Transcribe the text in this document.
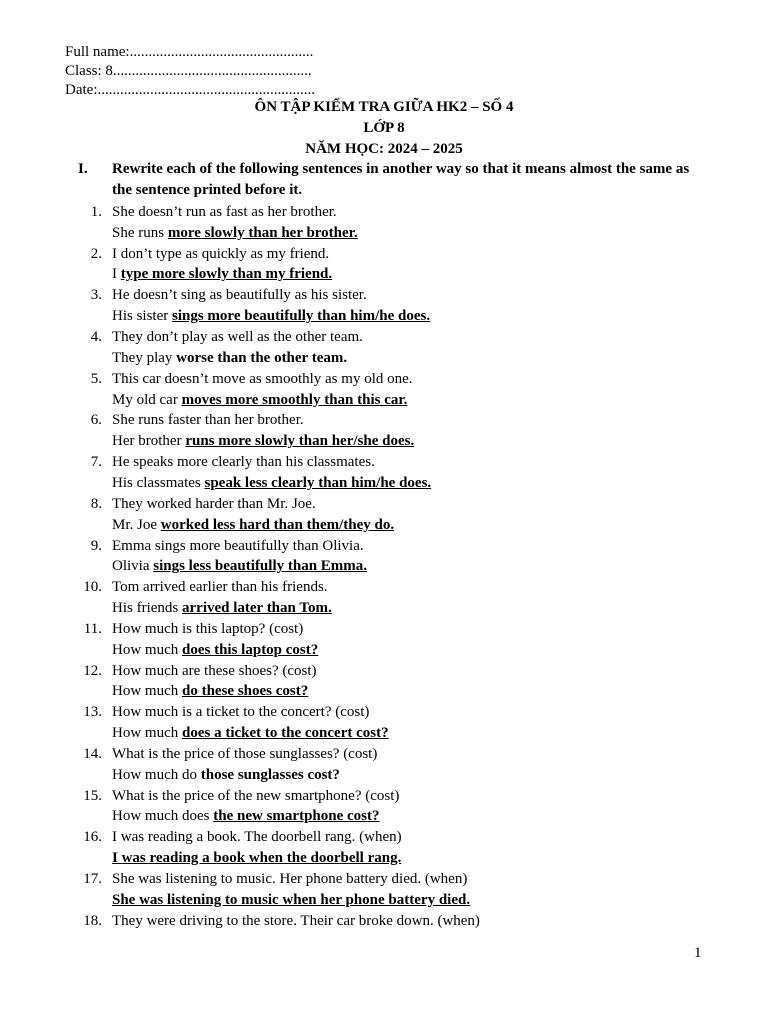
Full name:.................................................
Class: 8.....................................................
Date:..........................................................
ÔN TẬP KIỂM TRA GIỮA HK2 – SỐ 4
LỚP 8
NĂM HỌC: 2024 – 2025
I. Rewrite each of the following sentences in another way so that it means almost the same as the sentence printed before it.
1. She doesn’t run as fast as her brother.
She runs more slowly than her brother.
2. I don’t type as quickly as my friend.
I type more slowly than my friend.
3. He doesn’t sing as beautifully as his sister.
His sister sings more beautifully than him/he does.
4. They don’t play as well as the other team.
They play worse than the other team.
5. This car doesn’t move as smoothly as my old one.
My old car moves more smoothly than this car.
6. She runs faster than her brother.
Her brother runs more slowly than her/she does.
7. He speaks more clearly than his classmates.
His classmates speak less clearly than him/he does.
8. They worked harder than Mr. Joe.
Mr. Joe worked less hard than them/they do.
9. Emma sings more beautifully than Olivia.
Olivia sings less beautifully than Emma.
10. Tom arrived earlier than his friends.
His friends arrived later than Tom.
11. How much is this laptop? (cost)
How much does this laptop cost?
12. How much are these shoes? (cost)
How much do these shoes cost?
13. How much is a ticket to the concert? (cost)
How much does a ticket to the concert cost?
14. What is the price of those sunglasses? (cost)
How much do those sunglasses cost?
15. What is the price of the new smartphone? (cost)
How much does the new smartphone cost?
16. I was reading a book. The doorbell rang. (when)
I was reading a book when the doorbell rang.
17. She was listening to music. Her phone battery died. (when)
She was listening to music when her phone battery died.
18. They were driving to the store. Their car broke down. (when)
1
